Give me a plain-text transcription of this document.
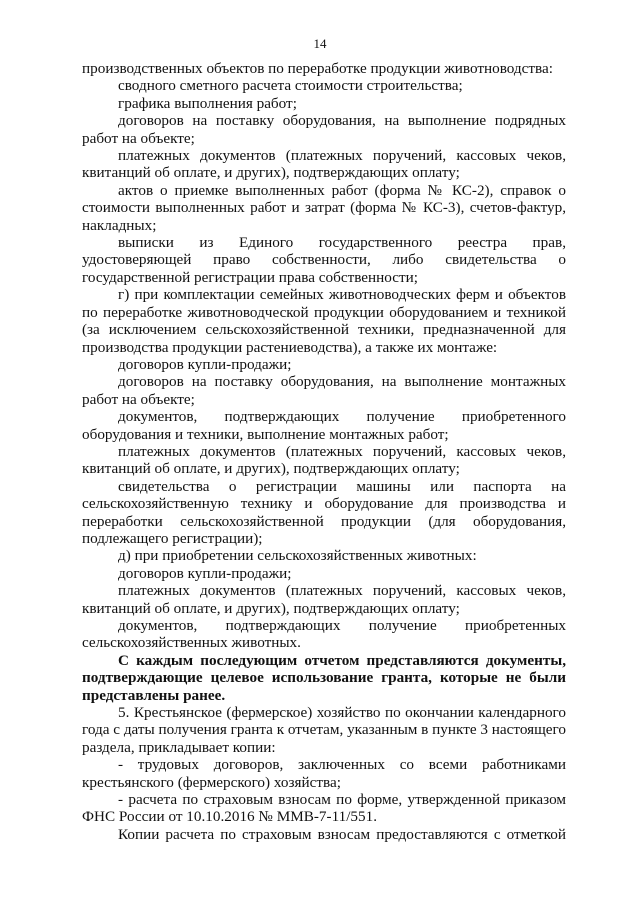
14

производственных объектов по переработке продукции животноводства:

сводного сметного расчета стоимости строительства;

графика выполнения работ;

договоров на поставку оборудования, на выполнение подрядных работ на объекте;

платежных документов (платежных поручений, кассовых чеков, квитанций об оплате, и других), подтверждающих оплату;

актов о приемке выполненных работ (форма № КС-2), справок о стоимости выполненных работ и затрат (форма № КС-3), счетов-фактур, накладных;

выписки из Единого государственного реестра прав, удостоверяющей право собственности, либо свидетельства о государственной регистрации права собственности;

г) при комплектации семейных животноводческих ферм и объектов по переработке животноводческой продукции оборудованием и техникой (за исключением сельскохозяйственной техники, предназначенной для производства продукции растениеводства), а также их монтаже:

договоров купли-продажи;

договоров на поставку оборудования, на выполнение монтажных работ на объекте;

документов, подтверждающих получение приобретенного оборудования и техники, выполнение монтажных работ;

платежных документов (платежных поручений, кассовых чеков, квитанций об оплате, и других), подтверждающих оплату;

свидетельства о регистрации машины или паспорта на сельскохозяйственную технику и оборудование для производства и переработки сельскохозяйственной продукции (для оборудования, подлежащего регистрации);

д) при приобретении сельскохозяйственных животных:

договоров купли-продажи;

платежных документов (платежных поручений, кассовых чеков, квитанций об оплате, и других), подтверждающих оплату;

документов, подтверждающих получение приобретенных сельскохозяйственных животных.

С каждым последующим отчетом представляются документы, подтверждающие целевое использование гранта, которые не были представлены ранее.

5. Крестьянское (фермерское) хозяйство по окончании календарного года с даты получения гранта к отчетам, указанным в пункте 3 настоящего раздела, прикладывает копии:

- трудовых договоров, заключенных со всеми работниками крестьянского (фермерского) хозяйства;

- расчета по страховым взносам по форме, утвержденной приказом ФНС России от 10.10.2016 № ММВ-7-11/551.

Копии расчета по страховым взносам предоставляются с отметкой
